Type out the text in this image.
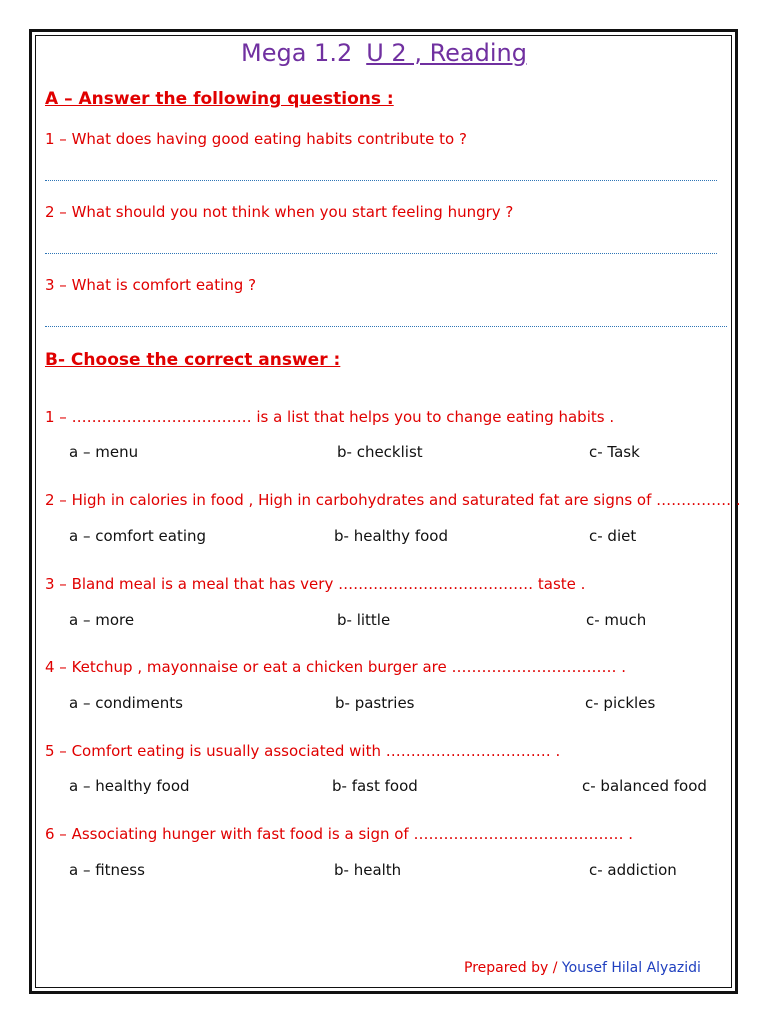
Mega 1.2 U 2 , Reading
A – Answer the following questions :
1 – What does having good eating habits contribute to ?
2 – What should you not think when you start feeling hungry ?
3 – What is comfort eating ?
B- Choose the correct answer :
1 – ……………………………… is a list that helps you to change eating habits .
a – menu	b- checklist	c- Task
2 – High in calories in food , High in carbohydrates and saturated fat are signs of …………… .
a – comfort eating	b- healthy food	c- diet
3 – Bland meal is a meal that has very ………………………………… taste .
a – more	b- little	c- much
4 – Ketchup , mayonnaise or eat a chicken burger are …………………………… .
a – condiments	b- pastries	c- pickles
5 – Comfort eating is usually associated with …………………………… .
a – healthy food	b- fast food	c- balanced food
6 – Associating hunger with fast food is a sign of …………………………………… .
a – fitness	b- health	c- addiction
Prepared by / Yousef Hilal Alyazidi
